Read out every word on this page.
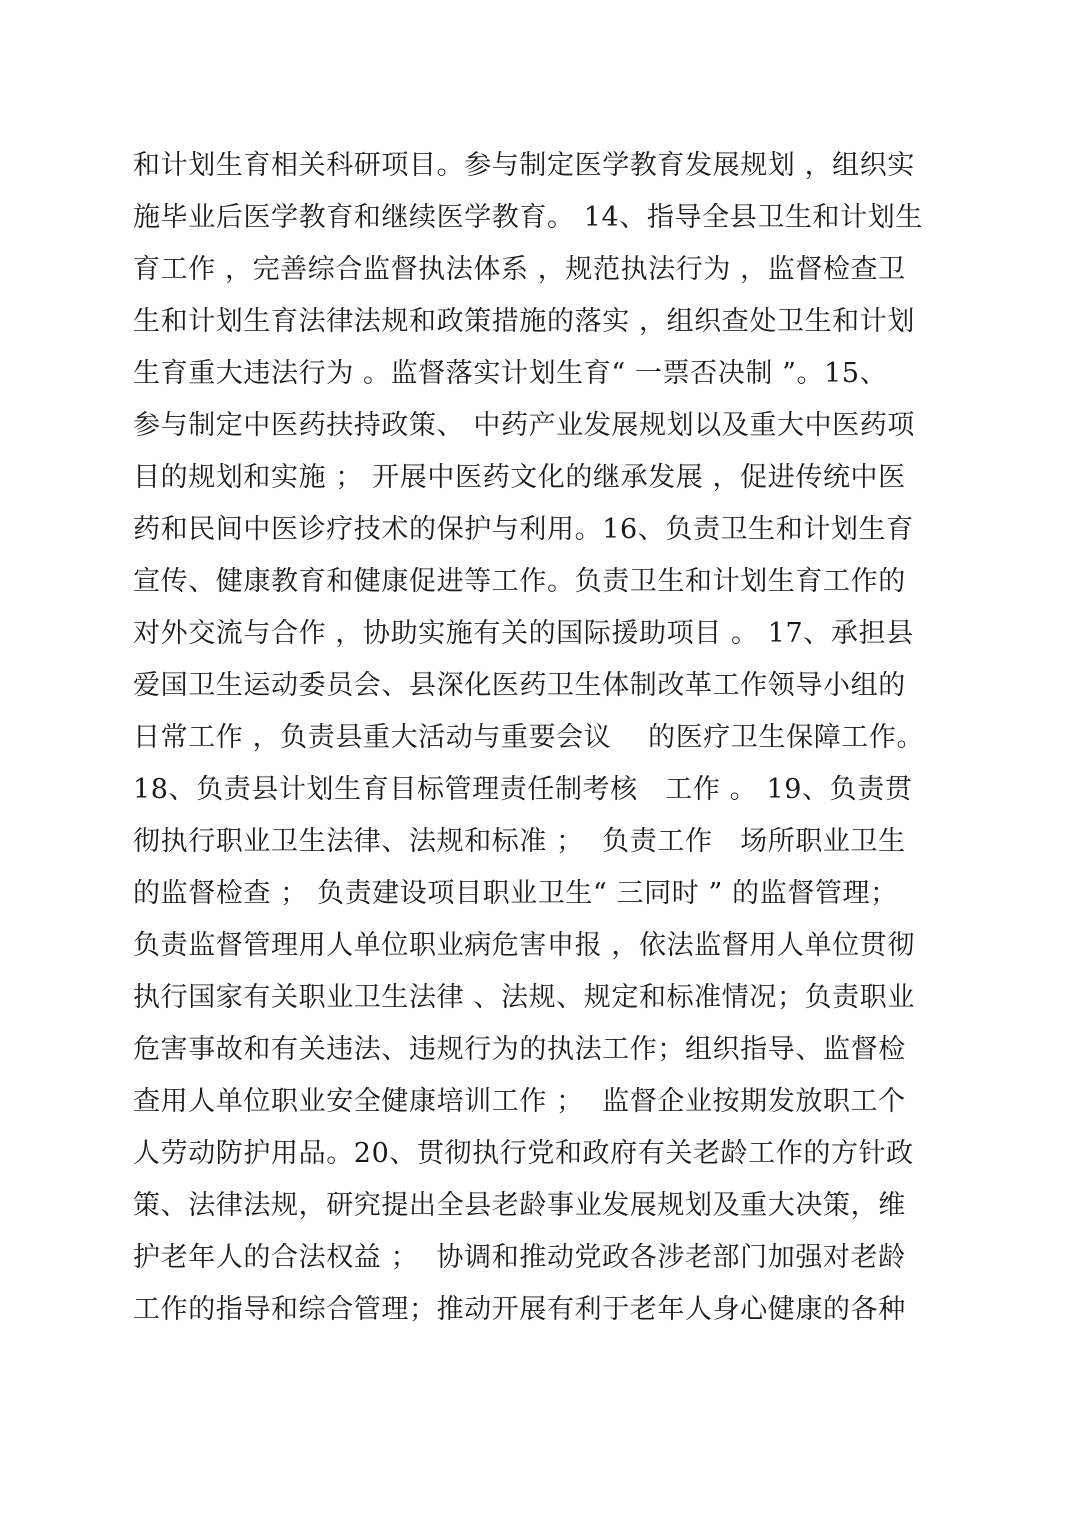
和计划生育相关科研项目。参与制定医学教育发展规划 ，组织实
施毕业后医学教育和继续医学教育。 14、指导全县卫生和计划生
育工作 ，完善综合监督执法体系 ，规范执法行为 ，监督检查卫
生和计划生育法律法规和政策措施的落实 ，组织查处卫生和计划
生育重大违法行为 。监督落实计划生育“ 一票否决制 ”。15、
参与制定中医药扶持政策、 中药产业发展规划以及重大中医药项
目的规划和实施 ； 开展中医药文化的继承发展 ，促进传统中医
药和民间中医诊疗技术的保护与利用。16、负责卫生和计划生育
宣传、健康教育和健康促进等工作。负责卫生和计划生育工作的
对外交流与合作 ，协助实施有关的国际援助项目 。 17、承担县
爱国卫生运动委员会、县深化医药卫生体制改革工作领导小组的
日常工作 ，负责县重大活动与重要会议    的医疗卫生保障工作。
18、负责县计划生育目标管理责任制考核   工作 。 19、负责贯
彻执行职业卫生法律、法规和标准 ；  负责工作   场所职业卫生
的监督检查 ； 负责建设项目职业卫生“ 三同时 ” 的监督管理；
负责监督管理用人单位职业病危害申报 ，依法监督用人单位贯彻
执行国家有关职业卫生法律 、法规、规定和标准情况；负责职业
危害事故和有关违法、违规行为的执法工作；组织指导、监督检
查用人单位职业安全健康培训工作 ；  监督企业按期发放职工个
人劳动防护用品。20、贯彻执行党和政府有关老龄工作的方针政
策、法律法规，研究提出全县老龄事业发展规划及重大决策，维
护老年人的合法权益 ；  协调和推动党政各涉老部门加强对老龄
工作的指导和综合管理；推动开展有利于老年人身心健康的各种
